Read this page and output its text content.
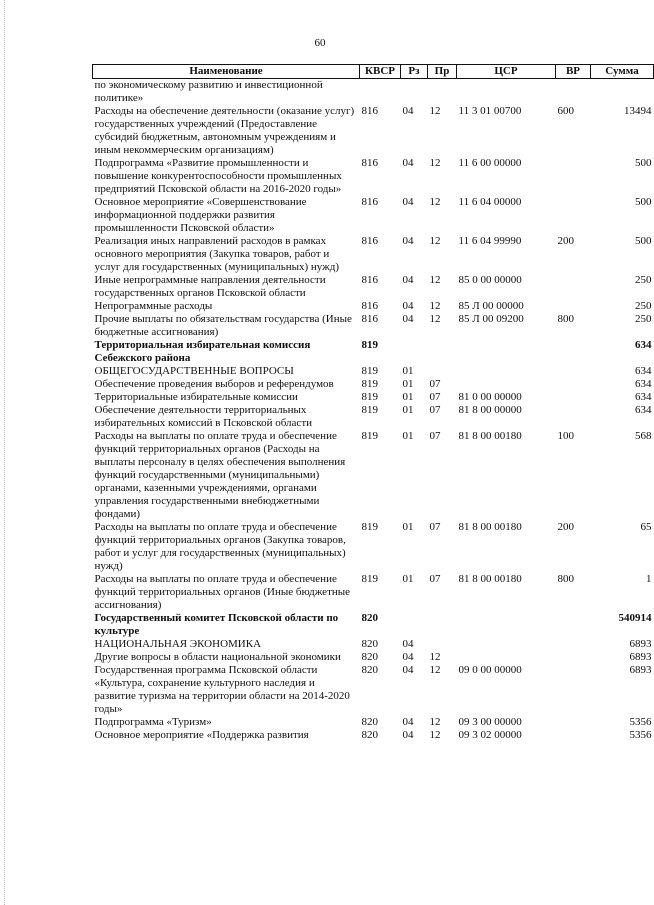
60
Наименование	КВСР	Рз	Пр	ЦСР	ВР	Сумма
по экономическому развитию и инвестиционной политике»						
Расходы на обеспечение деятельности (оказание услуг) государственных учреждений (Предоставление субсидий бюджетным, автономным учреждениям и иным некоммерческим организациям)	816	04	12	11 3 01 00700	600	13494
Подпрограмма «Развитие промышленности и повышение конкурентоспособности промышленных предприятий Псковской области на 2016-2020 годы»	816	04	12	11 6 00 00000		500
Основное мероприятие «Совершенствование информационной поддержки развития промышленности Псковской области»	816	04	12	11 6 04 00000		500
Реализация иных направлений расходов в рамках основного мероприятия (Закупка товаров, работ и услуг для государственных (муниципальных) нужд)	816	04	12	11 6 04 99990	200	500
Иные непрограммные направления деятельности государственных органов Псковской области	816	04	12	85 0 00 00000		250
Непрограммные расходы	816	04	12	85 Л 00 00000		250
Прочие выплаты по обязательствам государства (Иные бюджетные ассигнования)	816	04	12	85 Л 00 09200	800	250
Территориальная избирательная комиссия Себежского района	819					634
ОБЩЕГОСУДАРСТВЕННЫЕ ВОПРОСЫ	819	01				634
Обеспечение проведения выборов и референдумов	819	01	07			634
Территориальные избирательные комиссии	819	01	07	81 0 00 00000		634
Обеспечение деятельности территориальных избирательных комиссий в Псковской области	819	01	07	81 8 00 00000		634
Расходы на выплаты по оплате труда и обеспечение функций территориальных органов (Расходы на выплаты персоналу в целях обеспечения выполнения функций государственными (муниципальными) органами, казенными учреждениями, органами управления государственными внебюджетными фондами)	819	01	07	81 8 00 00180	100	568
Расходы на выплаты по оплате труда и обеспечение функций территориальных органов (Закупка товаров, работ и услуг для государственных (муниципальных) нужд)	819	01	07	81 8 00 00180	200	65
Расходы на выплаты по оплате труда и обеспечение функций территориальных органов (Иные бюджетные ассигнования)	819	01	07	81 8 00 00180	800	1
Государственный комитет Псковской области по культуре	820					540914
НАЦИОНАЛЬНАЯ ЭКОНОМИКА	820	04				6893
Другие вопросы в области национальной экономики	820	04	12			6893
Государственная программа Псковской области «Культура, сохранение культурного наследия и развитие туризма на территории области на 2014-2020 годы»	820	04	12	09 0 00 00000		6893
Подпрограмма «Туризм»	820	04	12	09 3 00 00000		5356
Основное мероприятие «Поддержка развития	820	04	12	09 3 02 00000		5356
